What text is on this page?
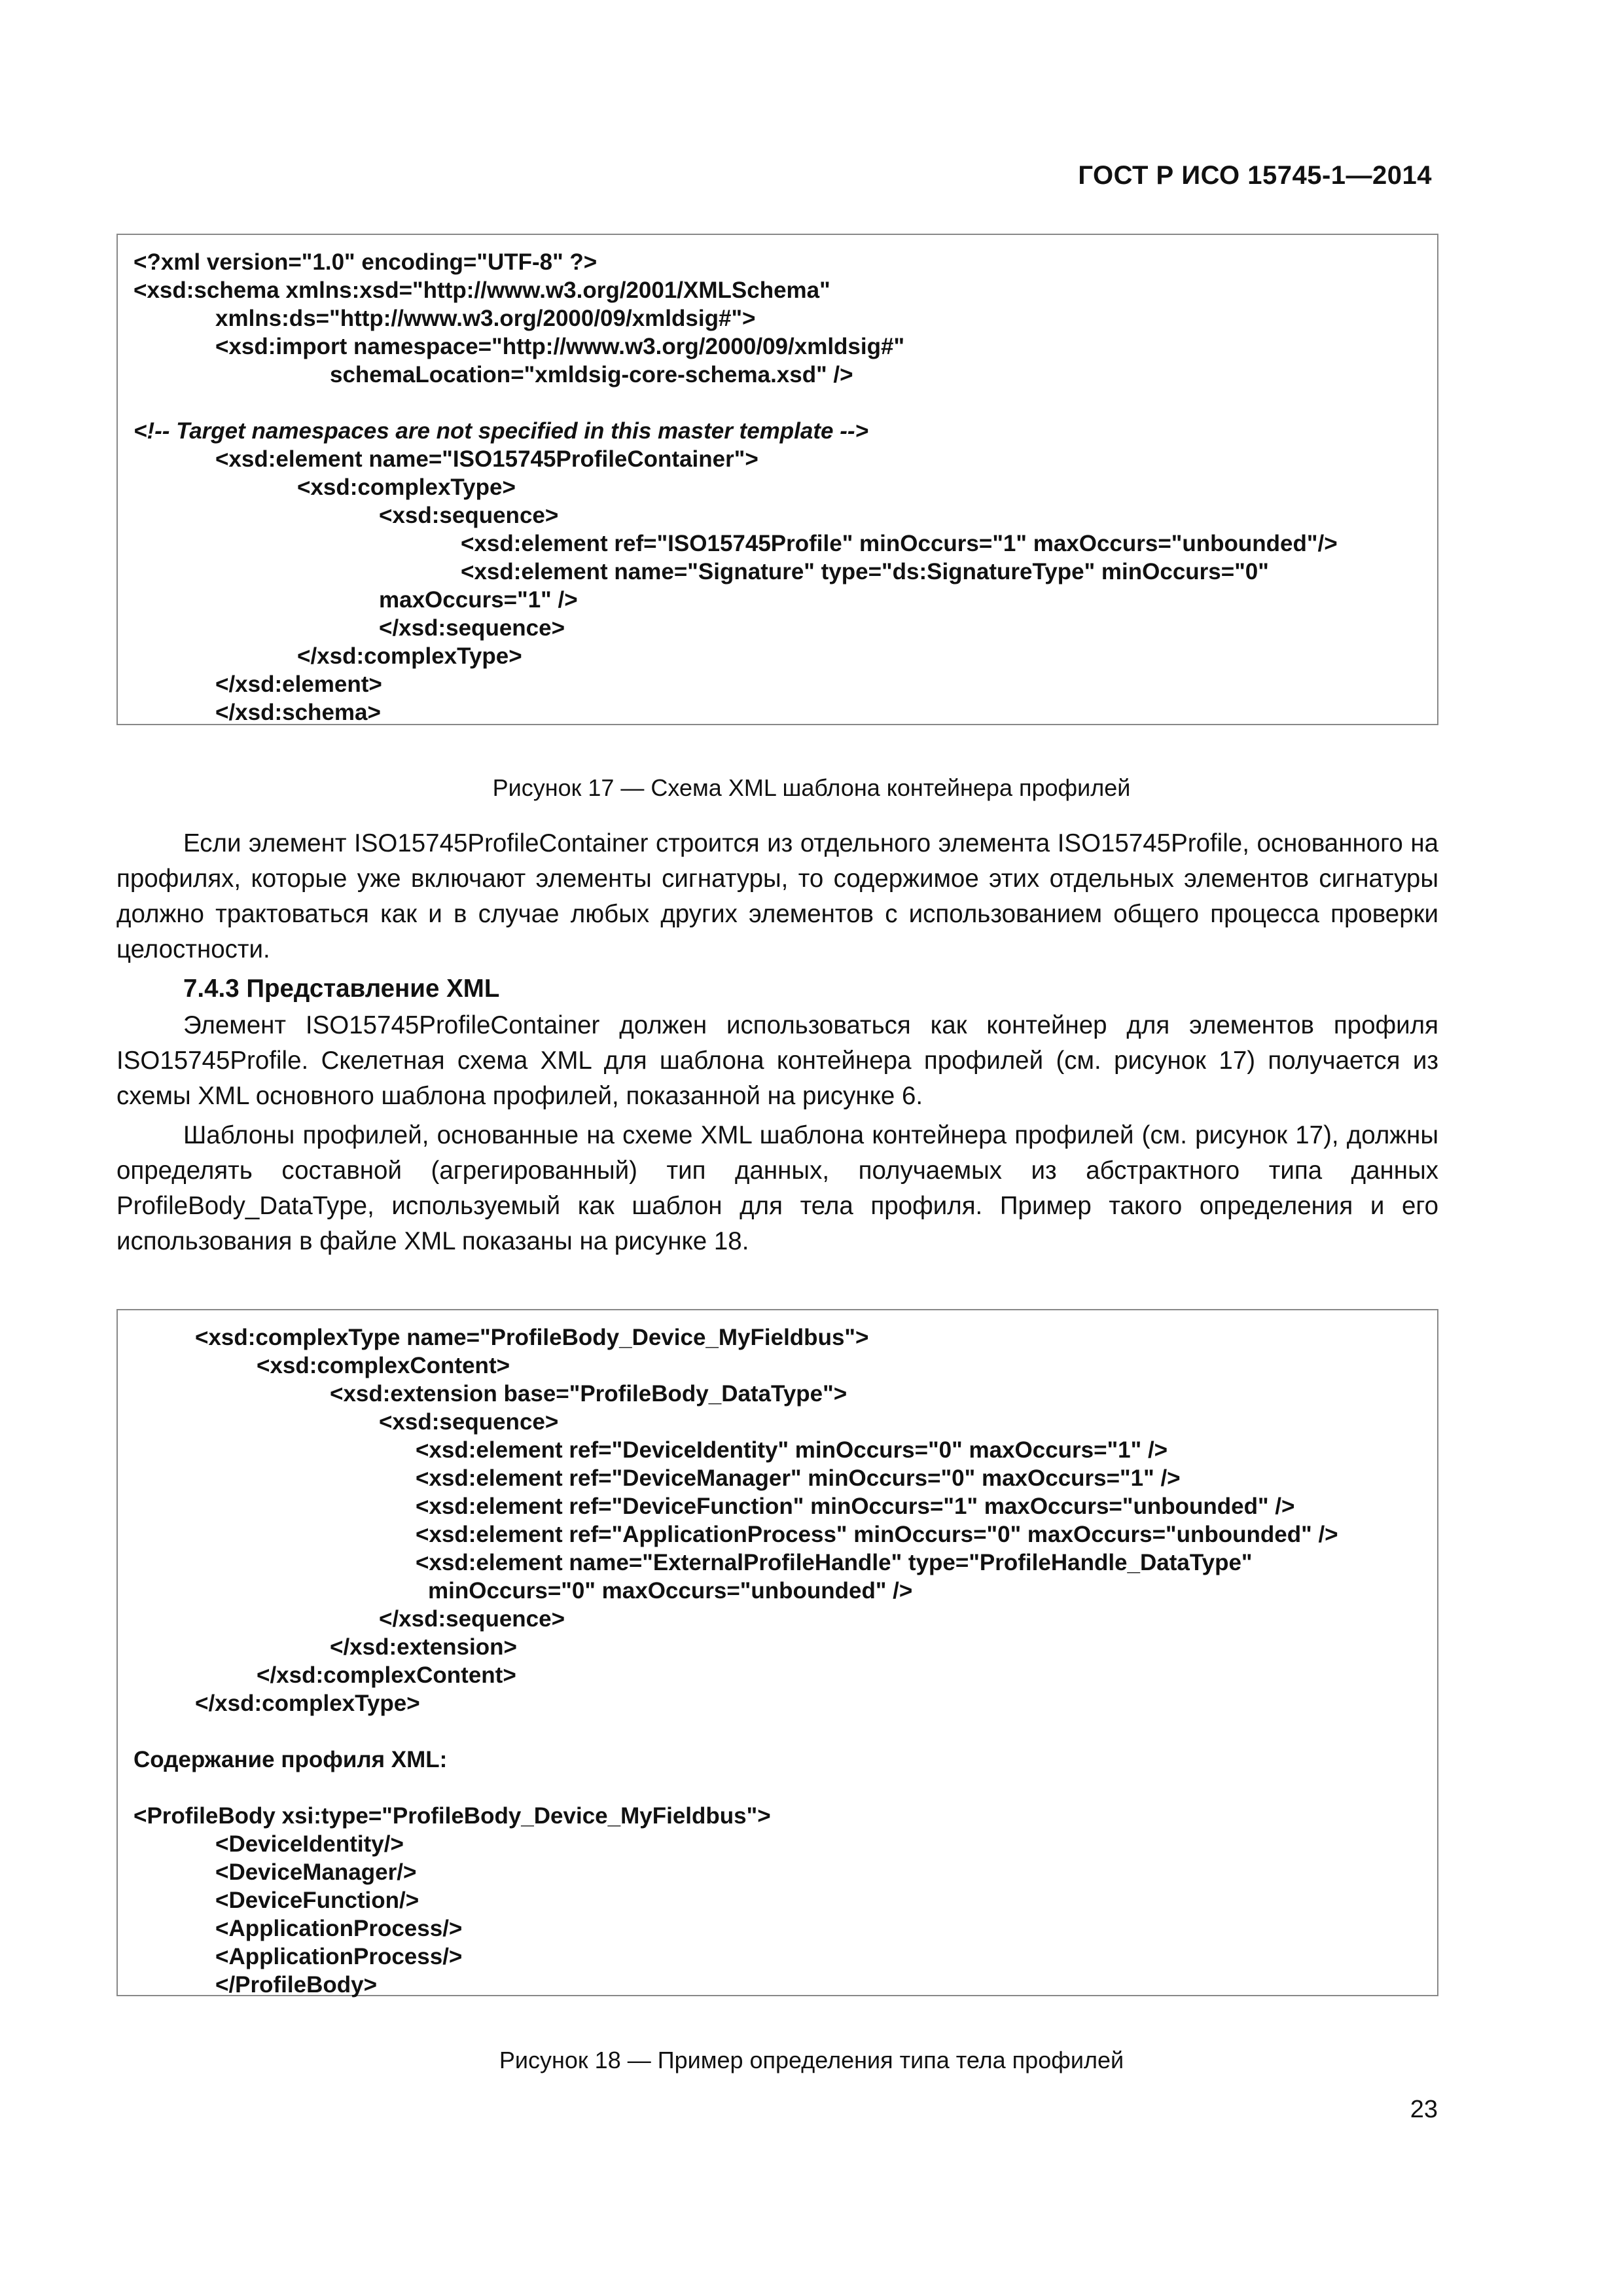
ГОСТ Р ИСО 15745-1—2014
<?xml version="1.0" encoding="UTF-8" ?>
<xsd:schema xmlns:xsd="http://www.w3.org/2001/XMLSchema"
xmlns:ds="http://www.w3.org/2000/09/xmldsig#">
<xsd:import namespace="http://www.w3.org/2000/09/xmldsig#"
schemaLocation="xmldsig-core-schema.xsd" />
<!-- Target namespaces are not specified in this master template -->
<xsd:element name="ISO15745ProfileContainer">
<xsd:complexType>
<xsd:sequence>
<xsd:element ref="ISO15745Profile" minOccurs="1" maxOccurs="unbounded"/>
<xsd:element name="Signature" type="ds:SignatureType" minOccurs="0"
maxOccurs="1" />
</xsd:sequence>
</xsd:complexType>
</xsd:element>
</xsd:schema>
Рисунок 17 — Схема XML шаблона контейнера профилей

Если элемент ISO15745ProfileContainer строится из отдельного элемента ISO15745Profile, основанного на профилях, которые уже включают элементы сигнатуры, то содержимое этих отдельных элементов сигнатуры должно трактоваться как и в случае любых других элементов с использованием общего процесса проверки целостности.

7.4.3 Представление XML

Элемент ISO15745ProfileContainer должен использоваться как контейнер для элементов профиля ISO15745Profile. Скелетная схема XML для шаблона контейнера профилей (см. рисунок 17) получается из схемы XML основного шаблона профилей, показанной на рисунке 6.

Шаблоны профилей, основанные на схеме XML шаблона контейнера профилей (см. рисунок 17), должны определять составной (агрегированный) тип данных, получаемых из абстрактного типа данных ProfileBody_DataType, используемый как шаблон для тела профиля. Пример такого определения и его использования в файле XML показаны на рисунке 18.

<xsd:complexType name="ProfileBody_Device_MyFieldbus">
<xsd:complexContent>
<xsd:extension base="ProfileBody_DataType">
<xsd:sequence>
<xsd:element ref="DeviceIdentity" minOccurs="0" maxOccurs="1" />
<xsd:element ref="DeviceManager" minOccurs="0" maxOccurs="1" />
<xsd:element ref="DeviceFunction" minOccurs="1" maxOccurs="unbounded" />
<xsd:element ref="ApplicationProcess" minOccurs="0" maxOccurs="unbounded" />
<xsd:element name="ExternalProfileHandle" type="ProfileHandle_DataType"
minOccurs="0" maxOccurs="unbounded" />
</xsd:sequence>
</xsd:extension>
</xsd:complexContent>
</xsd:complexType>
Содержание профиля XML:
<ProfileBody xsi:type="ProfileBody_Device_MyFieldbus">
<DeviceIdentity/>
<DeviceManager/>
<DeviceFunction/>
<ApplicationProcess/>
<ApplicationProcess/>
</ProfileBody>
Рисунок 18 — Пример определения типа тела профилей
23
